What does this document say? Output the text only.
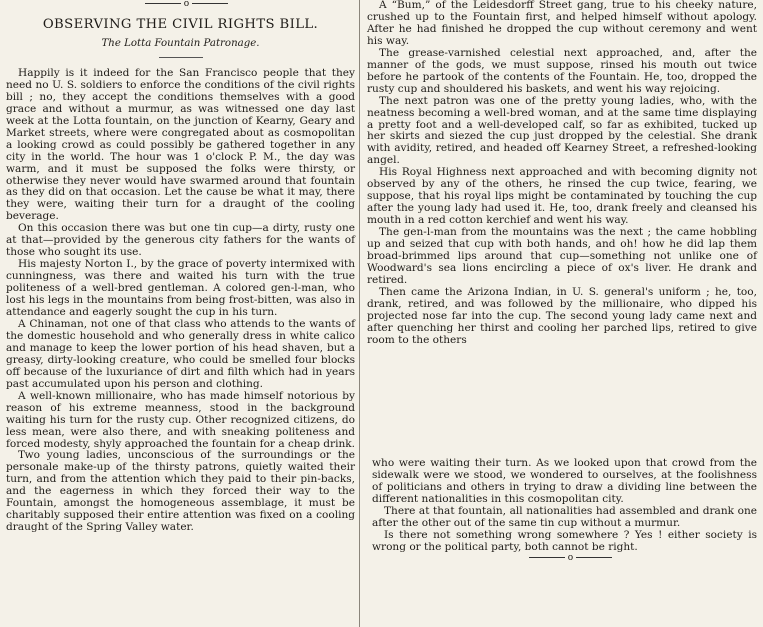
o

OBSERVING THE CIVIL RIGHTS BILL.
The Lotta Fountain Patronage.

Happily is it indeed for the San Francisco people that they need no U. S. soldiers to enforce the conditions of the civil rights bill ; no, they accept the conditions themselves with a good grace and without a murmur, as was witnessed one day last week at the Lotta fountain, on the junction of Kearny, Geary and Market streets, where were congregated about as cosmopolitan a looking crowd as could possibly be gathered together in any city in the world. The hour was 1 o'clock P. M., the day was warm, and it must be supposed the folks were thirsty, or otherwise they never would have swarmed around that fountain as they did on that occasion. Let the cause be what it may, there they were, waiting their turn for a draught of the cooling beverage.

On this occasion there was but one tin cup—a dirty, rusty one at that—provided by the generous city fathers for the wants of those who sought its use.

His majesty Norton I., by the grace of poverty intermixed with cunningness, was there and waited his turn with the true politeness of a well-bred gentleman. A colored gen-l-man, who lost his legs in the mountains from being frost-bitten, was also in attendance and eagerly sought the cup in his turn.

A Chinaman, not one of that class who attends to the wants of the domestic household and who generally dress in white calico and manage to keep the lower portion of his head shaven, but a greasy, dirty-looking creature, who could be smelled four blocks off because of the luxuriance of dirt and filth which had in years past accumulated upon his person and clothing.

A well-known millionaire, who has made himself notorious by reason of his extreme meanness, stood in the background waiting his turn for the rusty cup. Other recognized citizens, do less mean, were also there, and with sneaking politeness and forced modesty, shyly approached the fountain for a cheap drink.

Two young ladies, unconscious of the surroundings or the personale make-up of the thirsty patrons, quietly waited their turn, and from the attention which they paid to their pin-backs, and the eagerness in which they forced their way to the Fountain, amongst the homogeneous assemblage, it must be charitably supposed their entire attention was fixed on a cooling draught of the Spring Valley water.

A “Bum,” of the Leidesdorff Street gang, true to his cheeky nature, crushed up to the Fountain first, and helped himself without apology. After he had finished he dropped the cup without ceremony and went his way.

The grease-varnished celestial next approached, and, after the manner of the gods, we must suppose, rinsed his mouth out twice before he partook of the contents of the Fountain. He, too, dropped the rusty cup and shouldered his baskets, and went his way rejoicing.

The next patron was one of the pretty young ladies, who, with the neatness becoming a well-bred woman, and at the same time displaying a pretty foot and a well-developed calf, so far as exhibited, tucked up her skirts and siezed the cup just dropped by the celestial. She drank with avidity, retired, and headed off Kearney Street, a refreshed-looking angel.

His Royal Highness next approached and with becoming dignity not observed by any of the others, he rinsed the cup twice, fearing, we suppose, that his royal lips might be contaminated by touching the cup after the young lady had used it. He, too, drank freely and cleansed his mouth in a red cotton kerchief and went his way.

The gen-l-man from the mountains was the next ; the came hobbling up and seized that cup with both hands, and oh! how he did lap them broad-brimmed lips around that cup—something not unlike one of Woodward's sea lions encircling a piece of ox's liver. He drank and retired.

Then came the Arizona Indian, in U. S. general's uniform ; he, too, drank, retired, and was followed by the millionaire, who dipped his projected nose far into the cup. The second young lady came next and after quenching her thirst and cooling her parched lips, retired to give room to the others

who were waiting their turn. As we looked upon that crowd from the sidewalk were we stood, we wondered to ourselves, at the foolishness of politicians and others in trying to draw a dividing line between the different nationalities in this cosmopolitan city.

There at that fountain, all nationalities had assembled and drank one after the other out of the same tin cup without a murmur.

Is there not something wrong somewhere ? Yes ! either society is wrong or the political party, both cannot be right.

o
